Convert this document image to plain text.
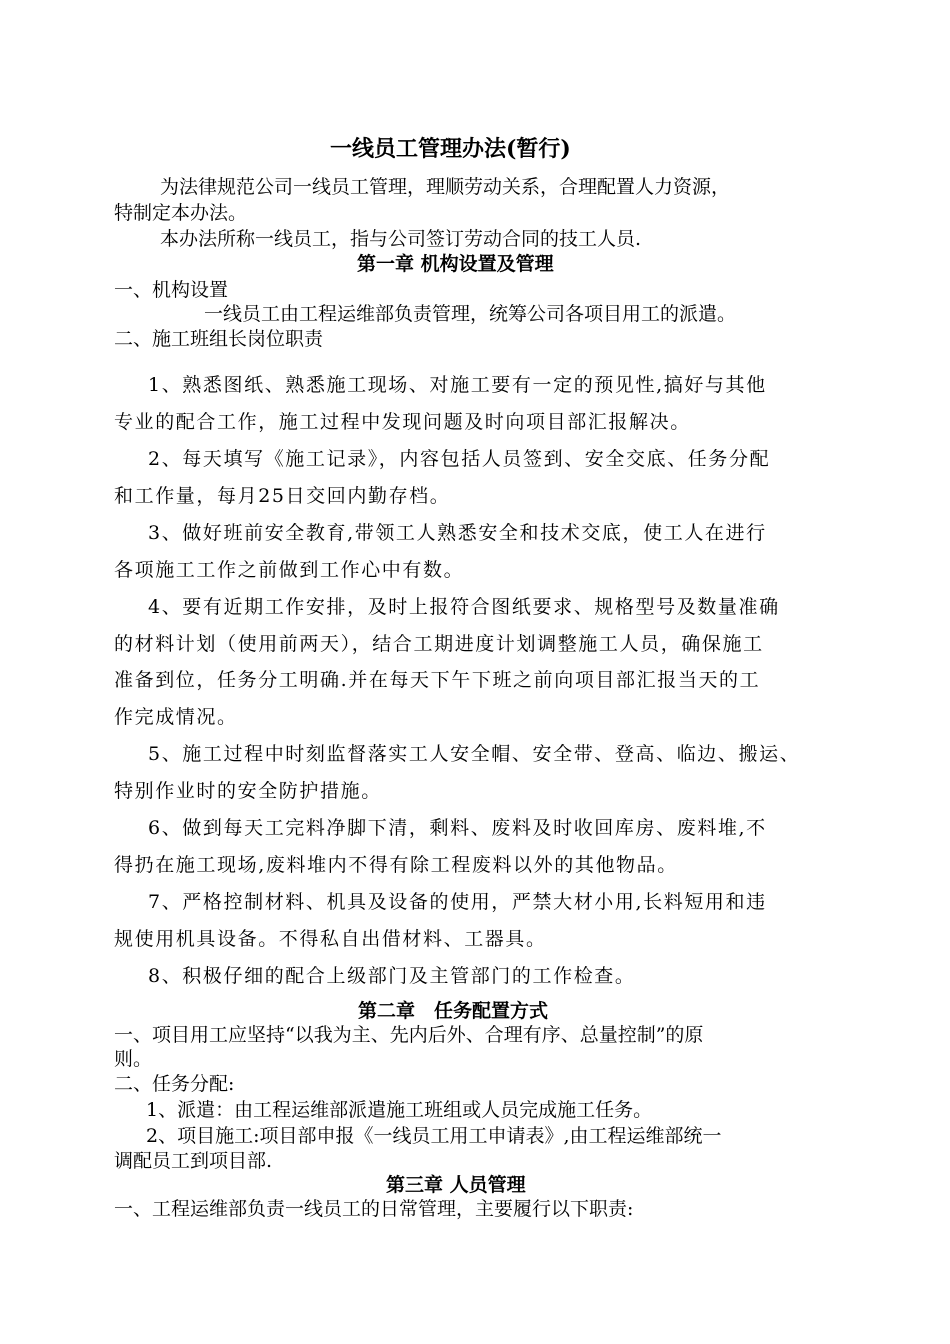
一线员工管理办法(暂行)
为法律规范公司一线员工管理，理顺劳动关系，合理配置人力资源，
特制定本办法。
本办法所称一线员工，指与公司签订劳动合同的技工人员.
第一章 机构设置及管理
一、机构设置
一线员工由工程运维部负责管理，统筹公司各项目用工的派遣。
二、施工班组长岗位职责
1、熟悉图纸、熟悉施工现场、对施工要有一定的预见性,搞好与其他
专业的配合工作，施工过程中发现问题及时向项目部汇报解决。
2、每天填写《施工记录》，内容包括人员签到、安全交底、任务分配
和工作量，每月25日交回内勤存档。
3、做好班前安全教育,带领工人熟悉安全和技术交底，使工人在进行
各项施工工作之前做到工作心中有数。
4、要有近期工作安排，及时上报符合图纸要求、规格型号及数量准确
的材料计划（使用前两天），结合工期进度计划调整施工人员，确保施工
准备到位，任务分工明确.并在每天下午下班之前向项目部汇报当天的工
作完成情况。
5、施工过程中时刻监督落实工人安全帽、安全带、登高、临边、搬运、
特别作业时的安全防护措施。
6、做到每天工完料净脚下清，剩料、废料及时收回库房、废料堆,不
得扔在施工现场,废料堆内不得有除工程废料以外的其他物品。
7、严格控制材料、机具及设备的使用，严禁大材小用,长料短用和违
规使用机具设备。不得私自出借材料、工器具。
8、积极仔细的配合上级部门及主管部门的工作检查。
第二章　任务配置方式
一、项目用工应坚持“以我为主、先内后外、合理有序、总量控制”的原
则。
二、任务分配:
1、派遣：由工程运维部派遣施工班组或人员完成施工任务。
2、项目施工:项目部申报《一线员工用工申请表》,由工程运维部统一
调配员工到项目部.
第三章 人员管理
一、工程运维部负责一线员工的日常管理，主要履行以下职责:
